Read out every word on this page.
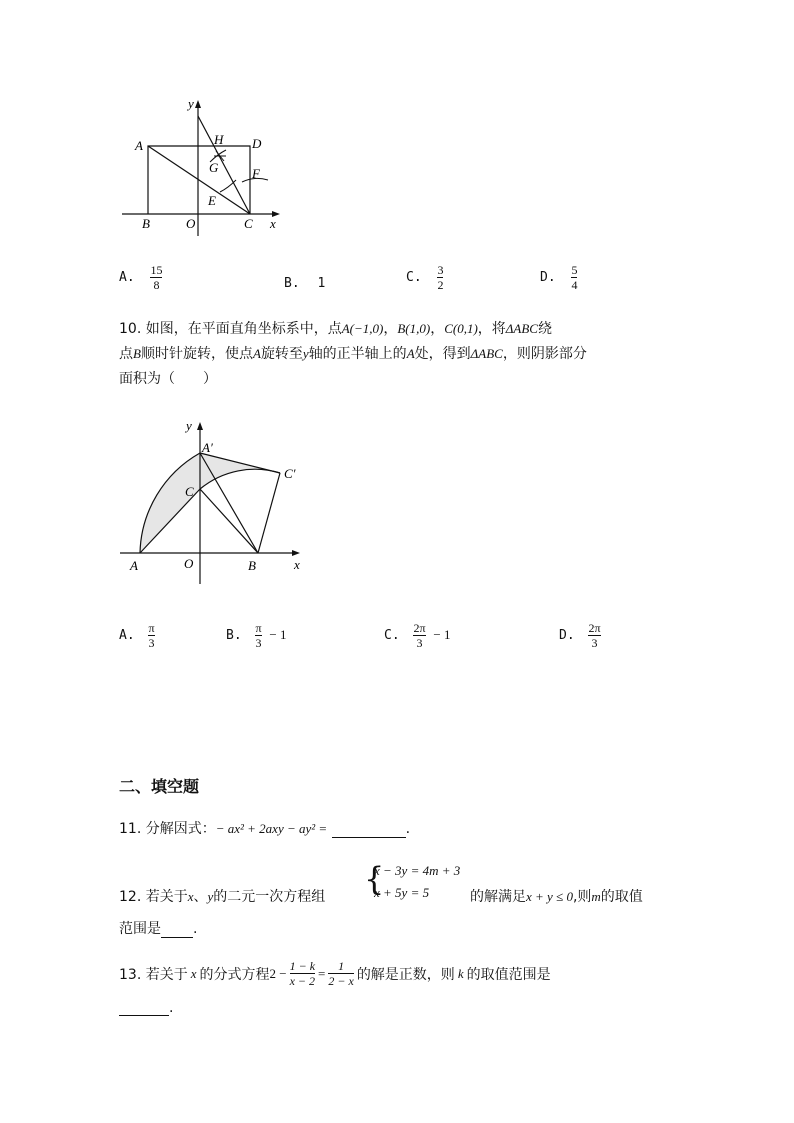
y
A	D
H
G	F
E
B	O	C x
A. $\frac{15}{8}$	B. 1	C. $\frac{3}{2}$	D. $\frac{5}{4}$
10. 如图，在平面直角坐标系中，点A(−1,0)，B(1,0)，C(0,1)，将ΔABC绕
点B顺时针旋转，使点A旋转至y轴的正半轴上的A处，得到ΔABC，则阴影部分
面积为（　　）
y
A′
C′
C
A	O	B	x
A. $\frac{\pi}{3}$	B. $\frac{\pi}{3} - 1$	C. $\frac{2\pi}{3} - 1$	D. $\frac{2\pi}{3}$
二、填空题
11. 分解因式：− ax² + 2axy − ay² =	.
{
x − 3y = 4m + 3
x + 5y = 5
12. 若关于x、y的二元一次方程组	的解满足x + y ≤ 0,则m的取值
范围是 .
13. 若关于 x 的分式方程 $2 - \frac{1 - k}{x - 2} = \frac{1}{2 - x}$ 的解是正数，则 k 的取值范围是
.
